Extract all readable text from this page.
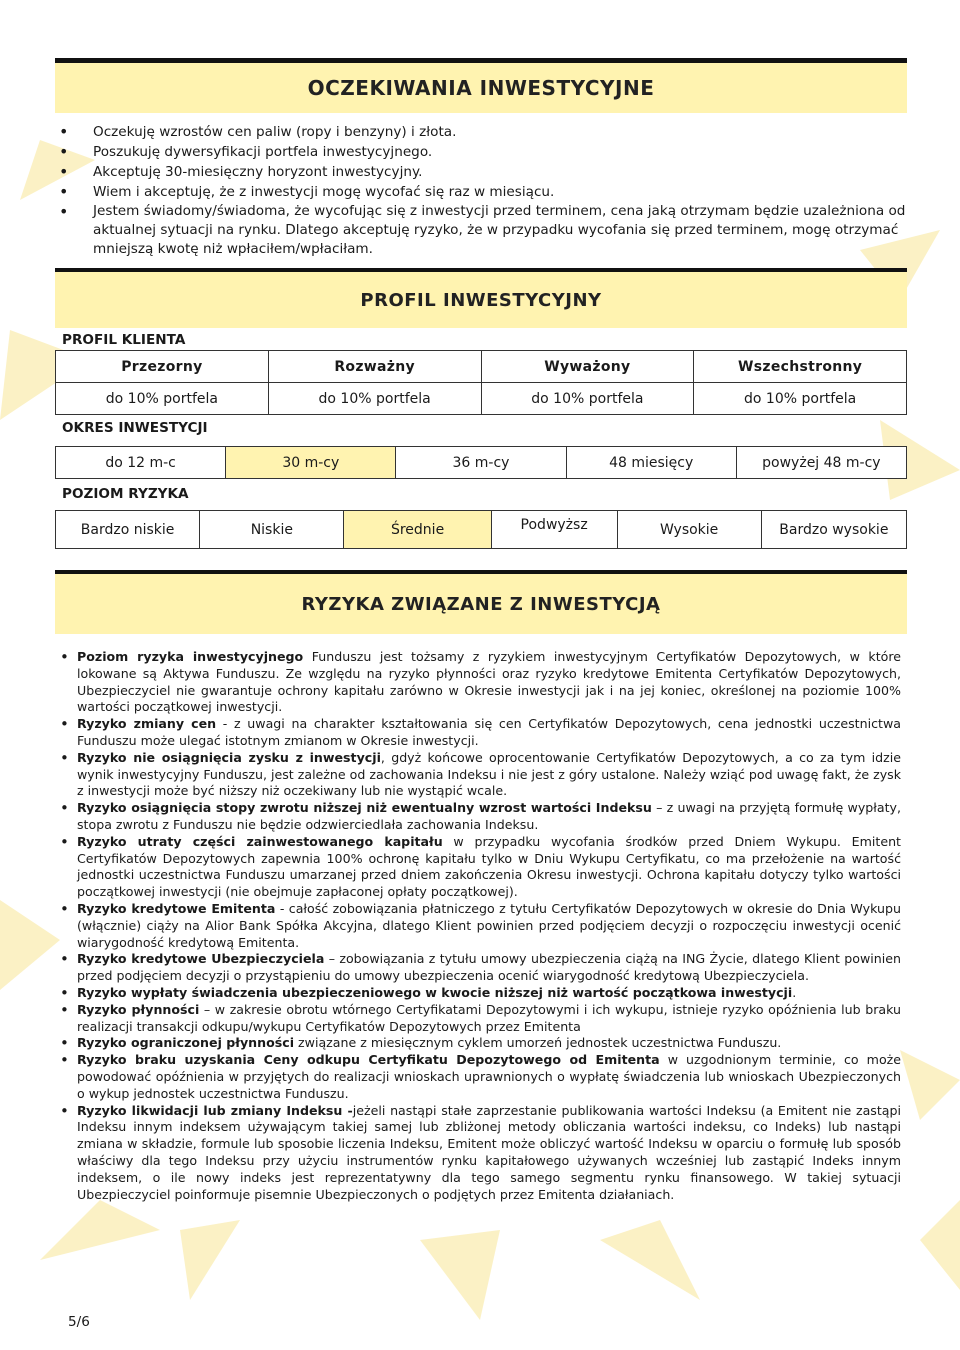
OCZEKIWANIA INWESTYCYJNE
• Oczekuję wzrostów cen paliw (ropy i benzyny) i złota.
• Poszukuję dywersyfikacji portfela inwestycyjnego.
• Akceptuję 30-miesięczny horyzont inwestycyjny.
• Wiem i akceptuję, że z inwestycji mogę wycofać się raz w miesiącu.
• Jestem świadomy/świadoma, że wycofując się z inwestycji przed terminem, cena jaką otrzymam będzie uzależniona od aktualnej sytuacji na rynku. Dlatego akceptuję ryzyko, że w przypadku wycofania się przed terminem, mogę otrzymać mniejszą kwotę niż wpłaciłem/wpłaciłam.
PROFIL INWESTYCYJNY
PROFIL KLIENTA
Przezorny	Rozważny	Wyważony	Wszechstronny
do 10% portfela	do 10% portfela	do 10% portfela	do 10% portfela
OKRES INWESTYCJI
do 12 m-c	30 m-cy	36 m-cy	48 miesięcy	powyżej 48 m-cy
POZIOM RYZYKA
Bardzo niskie	Niskie	Średnie	Podwyższ	Wysokie	Bardzo wysokie
RYZYKA ZWIĄZANE Z INWESTYCJĄ
• Poziom ryzyka inwestycyjnego Funduszu jest tożsamy z ryzykiem inwestycyjnym Certyfikatów Depozytowych, w które lokowane są Aktywa Funduszu. Ze względu na ryzyko płynności oraz ryzyko kredytowe Emitenta Certyfikatów Depozytowych, Ubezpieczyciel nie gwarantuje ochrony kapitału zarówno w Okresie inwestycji jak i na jej koniec, określonej na poziomie 100% wartości początkowej inwestycji.
• Ryzyko zmiany cen - z uwagi na charakter kształtowania się cen Certyfikatów Depozytowych, cena jednostki uczestnictwa Funduszu może ulegać istotnym zmianom w Okresie inwestycji.
• Ryzyko nie osiągnięcia zysku z inwestycji, gdyż końcowe oprocentowanie Certyfikatów Depozytowych, a co za tym idzie wynik inwestycyjny Funduszu, jest zależne od zachowania Indeksu i nie jest z góry ustalone. Należy wziąć pod uwagę fakt, że zysk z inwestycji może być niższy niż oczekiwany lub nie wystąpić wcale.
• Ryzyko osiągnięcia stopy zwrotu niższej niż ewentualny wzrost wartości Indeksu – z uwagi na przyjętą formułę wypłaty, stopa zwrotu z Funduszu nie będzie odzwierciedlała zachowania Indeksu.
• Ryzyko utraty części zainwestowanego kapitału w przypadku wycofania środków przed Dniem Wykupu. Emitent Certyfikatów Depozytowych zapewnia 100% ochronę kapitału tylko w Dniu Wykupu Certyfikatu, co ma przełożenie na wartość jednostki uczestnictwa Funduszu umarzanej przed dniem zakończenia Okresu inwestycji. Ochrona kapitału dotyczy tylko wartości początkowej inwestycji (nie obejmuje zapłaconej opłaty początkowej).
• Ryzyko kredytowe Emitenta - całość zobowiązania płatniczego z tytułu Certyfikatów Depozytowych w okresie do Dnia Wykupu (włącznie) ciąży na Alior Bank Spółka Akcyjna, dlatego Klient powinien przed podjęciem decyzji o rozpoczęciu inwestycji ocenić wiarygodność kredytową Emitenta.
• Ryzyko kredytowe Ubezpieczyciela – zobowiązania z tytułu umowy ubezpieczenia ciążą na ING Życie, dlatego Klient powinien przed podjęciem decyzji o przystąpieniu do umowy ubezpieczenia ocenić wiarygodność kredytową Ubezpieczyciela.
• Ryzyko wypłaty świadczenia ubezpieczeniowego w kwocie niższej niż wartość początkowa inwestycji.
• Ryzyko płynności – w zakresie obrotu wtórnego Certyfikatami Depozytowymi i ich wykupu, istnieje ryzyko opóźnienia lub braku realizacji transakcji odkupu/wykupu Certyfikatów Depozytowych przez Emitenta
• Ryzyko ograniczonej płynności związane z miesięcznym cyklem umorzeń jednostek uczestnictwa Funduszu.
• Ryzyko braku uzyskania Ceny odkupu Certyfikatu Depozytowego od Emitenta w uzgodnionym terminie, co może powodować opóźnienia w przyjętych do realizacji wnioskach uprawnionych o wypłatę świadczenia lub wnioskach Ubezpieczonych o wykup jednostek uczestnictwa Funduszu.
• Ryzyko likwidacji lub zmiany Indeksu -jeżeli nastąpi stałe zaprzestanie publikowania wartości Indeksu (a Emitent nie zastąpi Indeksu innym indeksem używającym takiej samej lub zbliżonej metody obliczania wartości indeksu, co Indeks) lub nastąpi zmiana w składzie, formule lub sposobie liczenia Indeksu, Emitent może obliczyć wartość Indeksu w oparciu o formułę lub sposób właściwy dla tego Indeksu przy użyciu instrumentów rynku kapitałowego używanych wcześniej lub zastąpić Indeks innym indeksem, o ile nowy indeks jest reprezentatywny dla tego samego segmentu rynku finansowego. W takiej sytuacji Ubezpieczyciel poinformuje pisemnie Ubezpieczonych o podjętych przez Emitenta działaniach.
5/6
